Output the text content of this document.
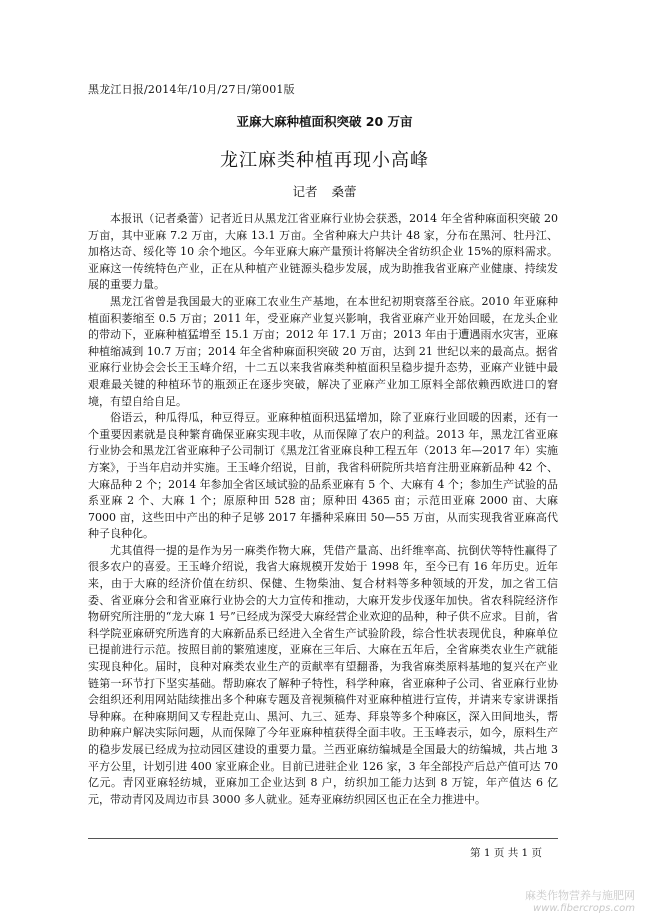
黑龙江日报/2014年/10月/27日/第001版
亚麻大麻种植面积突破 20 万亩
龙江麻类种植再现小高峰
记者 桑蕾

本报讯（记者桑蕾）记者近日从黑龙江省亚麻行业协会获悉，2014 年全省种麻面积突破 20 万亩，其中亚麻 7.2 万亩，大麻 13.1 万亩。全省种麻大户共计 48 家，分布在黑河、牡丹江、加格达奇、绥化等 10 余个地区。今年亚麻大麻产量预计将解决全省纺织企业 15%的原料需求。亚麻这一传统特色产业，正在从种植产业链源头稳步发展，成为助推我省亚麻产业健康、持续发展的重要力量。

黑龙江省曾是我国最大的亚麻工农业生产基地，在本世纪初期衰落至谷底。2010 年亚麻种植面积萎缩至 0.5 万亩；2011 年，受亚麻产业复兴影响，我省亚麻产业开始回暖，在龙头企业的带动下，亚麻种植猛增至 15.1 万亩；2012 年 17.1 万亩；2013 年由于遭遇雨水灾害，亚麻种植缩减到 10.7 万亩；2014 年全省种麻面积突破 20 万亩，达到 21 世纪以来的最高点。据省亚麻行业协会会长王玉峰介绍，十二五以来我省麻类种植面积呈稳步提升态势，亚麻产业链中最艰难最关键的种植环节的瓶颈正在逐步突破，解决了亚麻产业加工原料全部依赖西欧进口的窘境，有望自给自足。

俗语云，种瓜得瓜，种豆得豆。亚麻种植面积迅猛增加，除了亚麻行业回暖的因素，还有一个重要因素就是良种繁育确保亚麻实现丰收，从而保障了农户的利益。2013 年，黑龙江省亚麻行业协会和黑龙江省亚麻种子公司制订《黑龙江省亚麻良种工程五年（2013 年—2017 年）实施方案》，于当年启动并实施。王玉峰介绍说，目前，我省科研院所共培育注册亚麻新品种 42 个、大麻品种 2 个；2014 年参加全省区域试验的品系亚麻有 5 个、大麻有 4 个；参加生产试验的品系亚麻 2 个、大麻 1 个；原原种田 528 亩；原种田 4365 亩；示范田亚麻 2000 亩、大麻 7000 亩，这些田中产出的种子足够 2017 年播种采麻田 50—55 万亩，从而实现我省亚麻高代种子良种化。

尤其值得一提的是作为另一麻类作物大麻，凭借产量高、出纤维率高、抗倒伏等特性赢得了很多农户的喜爱。王玉峰介绍说，我省大麻规模开发始于 1998 年，至今已有 16 年历史。近年来，由于大麻的经济价值在纺织、保健、生物柴油、复合材料等多种领域的开发，加之省工信委、省亚麻分会和省亚麻行业协会的大力宣传和推动，大麻开发步伐逐年加快。省农科院经济作物研究所注册的“龙大麻 1 号”已经成为深受大麻经营企业欢迎的品种，种子供不应求。目前，省科学院亚麻研究所选育的大麻新品系已经进入全省生产试验阶段，综合性状表现优良，种麻单位已提前进行示范。按照目前的繁殖速度，亚麻在三年后、大麻在五年后，全省麻类农业生产就能实现良种化。届时，良种对麻类农业生产的贡献率有望翻番，为我省麻类原料基地的复兴在产业链第一环节打下坚实基础。帮助麻农了解种子特性，科学种麻，省亚麻种子公司、省亚麻行业协会组织还利用网站陆续推出多个种麻专题及音视频稿件对亚麻种植进行宣传，并请来专家讲课指导种麻。在种麻期间又专程赴克山、黑河、九三、延寿、拜泉等多个种麻区，深入田间地头，帮助种麻户解决实际问题，从而保障了今年亚麻种植获得全面丰收。王玉峰表示，如今，原料生产的稳步发展已经成为拉动园区建设的重要力量。兰西亚麻纺编城是全国最大的纺编城，共占地 3 平方公里，计划引进 400 家亚麻企业。目前已进驻企业 126 家，3 年全部投产后总产值可达 70 亿元。青冈亚麻轻纺城，亚麻加工企业达到 8 户，纺织加工能力达到 8 万锭，年产值达 6 亿元，带动青冈及周边市县 3000 多人就业。延寿亚麻纺织园区也正在全力推进中。

第 1 页 共 1 页
麻类作物营养与施肥网
www.fibercrops.com
